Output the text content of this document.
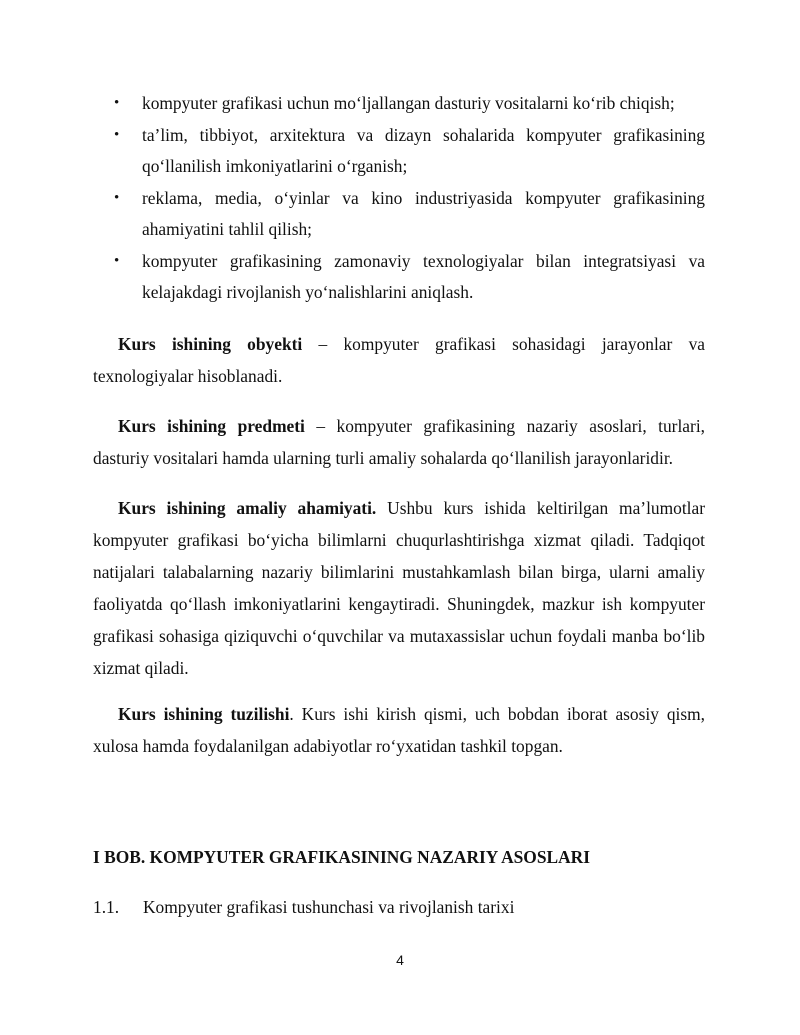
• kompyuter grafikasi uchun mo‘ljallangan dasturiy vositalarni ko‘rib chiqish;
• ta’lim, tibbiyot, arxitektura va dizayn sohalarida kompyuter grafikasining qo‘llanilish imkoniyatlarini o‘rganish;
• reklama, media, o‘yinlar va kino industriyasida kompyuter grafikasining ahamiyatini tahlil qilish;
• kompyuter grafikasining zamonaviy texnologiyalar bilan integratsiyasi va kelajakdagi rivojlanish yo‘nalishlarini aniqlash.

Kurs ishining obyekti – kompyuter grafikasi sohasidagi jarayonlar va texnologiyalar hisoblanadi.

Kurs ishining predmeti – kompyuter grafikasining nazariy asoslari, turlari, dasturiy vositalari hamda ularning turli amaliy sohalarda qo‘llanilish jarayonlaridir.

Kurs ishining amaliy ahamiyati. Ushbu kurs ishida keltirilgan ma’lumotlar kompyuter grafikasi bo‘yicha bilimlarni chuqurlashtirishga xizmat qiladi. Tadqiqot natijalari talabalarning nazariy bilimlarini mustahkamlash bilan birga, ularni amaliy faoliyatda qo‘llash imkoniyatlarini kengaytiradi. Shuningdek, mazkur ish kompyuter grafikasi sohasiga qiziquvchi o‘quvchilar va mutaxassislar uchun foydali manba bo‘lib xizmat qiladi.

Kurs ishining tuzilishi. Kurs ishi kirish qismi, uch bobdan iborat asosiy qism, xulosa hamda foydalanilgan adabiyotlar ro‘yxatidan tashkil topgan.

I BOB. KOMPYUTER GRAFIKASINING NAZARIY ASOSLARI
1.1. Kompyuter grafikasi tushunchasi va rivojlanish tarixi
4
